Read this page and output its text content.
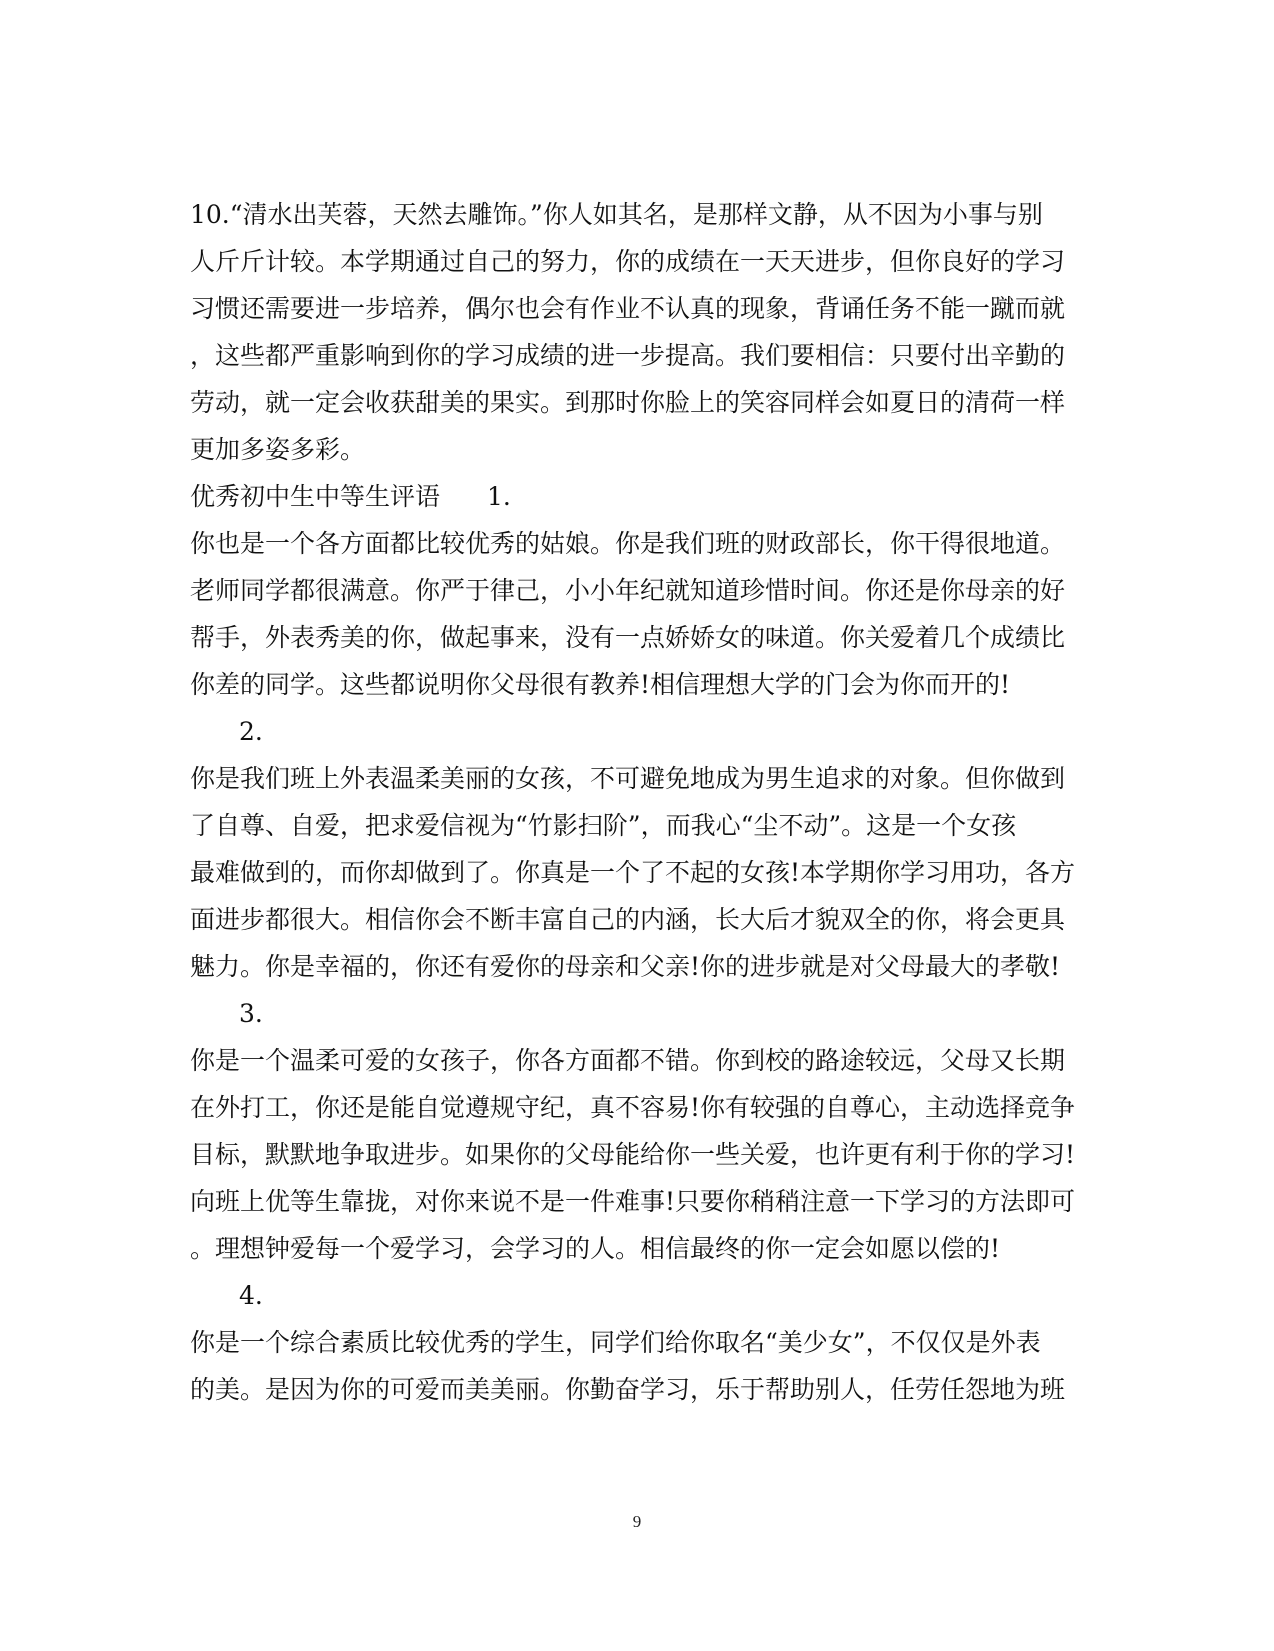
10.“清水出芙蓉，天然去雕饰。”你人如其名，是那样文静，从不因为小事与别
人斤斤计较。本学期通过自己的努力，你的成绩在一天天进步，但你良好的学习
习惯还需要进一步培养，偶尔也会有作业不认真的现象，背诵任务不能一蹴而就
，这些都严重影响到你的学习成绩的进一步提高。我们要相信：只要付出辛勤的
劳动，就一定会收获甜美的果实。到那时你脸上的笑容同样会如夏日的清荷一样
更加多姿多彩。
优秀初中生中等生评语 1.
你也是一个各方面都比较优秀的姑娘。你是我们班的财政部长，你干得很地道。
老师同学都很满意。你严于律己，小小年纪就知道珍惜时间。你还是你母亲的好
帮手，外表秀美的你，做起事来，没有一点娇娇女的味道。你关爱着几个成绩比
你差的同学。这些都说明你父母很有教养!相信理想大学的门会为你而开的!
2.
你是我们班上外表温柔美丽的女孩，不可避免地成为男生追求的对象。但你做到
了自尊、自爱，把求爱信视为“竹影扫阶”，而我心“尘不动”。这是一个女孩
最难做到的，而你却做到了。你真是一个了不起的女孩!本学期你学习用功，各方
面进步都很大。相信你会不断丰富自己的内涵，长大后才貌双全的你，将会更具
魅力。你是幸福的，你还有爱你的母亲和父亲!你的进步就是对父母最大的孝敬!
3.
你是一个温柔可爱的女孩子，你各方面都不错。你到校的路途较远，父母又长期
在外打工，你还是能自觉遵规守纪，真不容易!你有较强的自尊心，主动选择竞争
目标，默默地争取进步。如果你的父母能给你一些关爱，也许更有利于你的学习!
向班上优等生靠拢，对你来说不是一件难事!只要你稍稍注意一下学习的方法即可
。理想钟爱每一个爱学习，会学习的人。相信最终的你一定会如愿以偿的!
4.
你是一个综合素质比较优秀的学生，同学们给你取名“美少女”，不仅仅是外表
的美。是因为你的可爱而美美丽。你勤奋学习，乐于帮助别人，任劳任怨地为班
9
